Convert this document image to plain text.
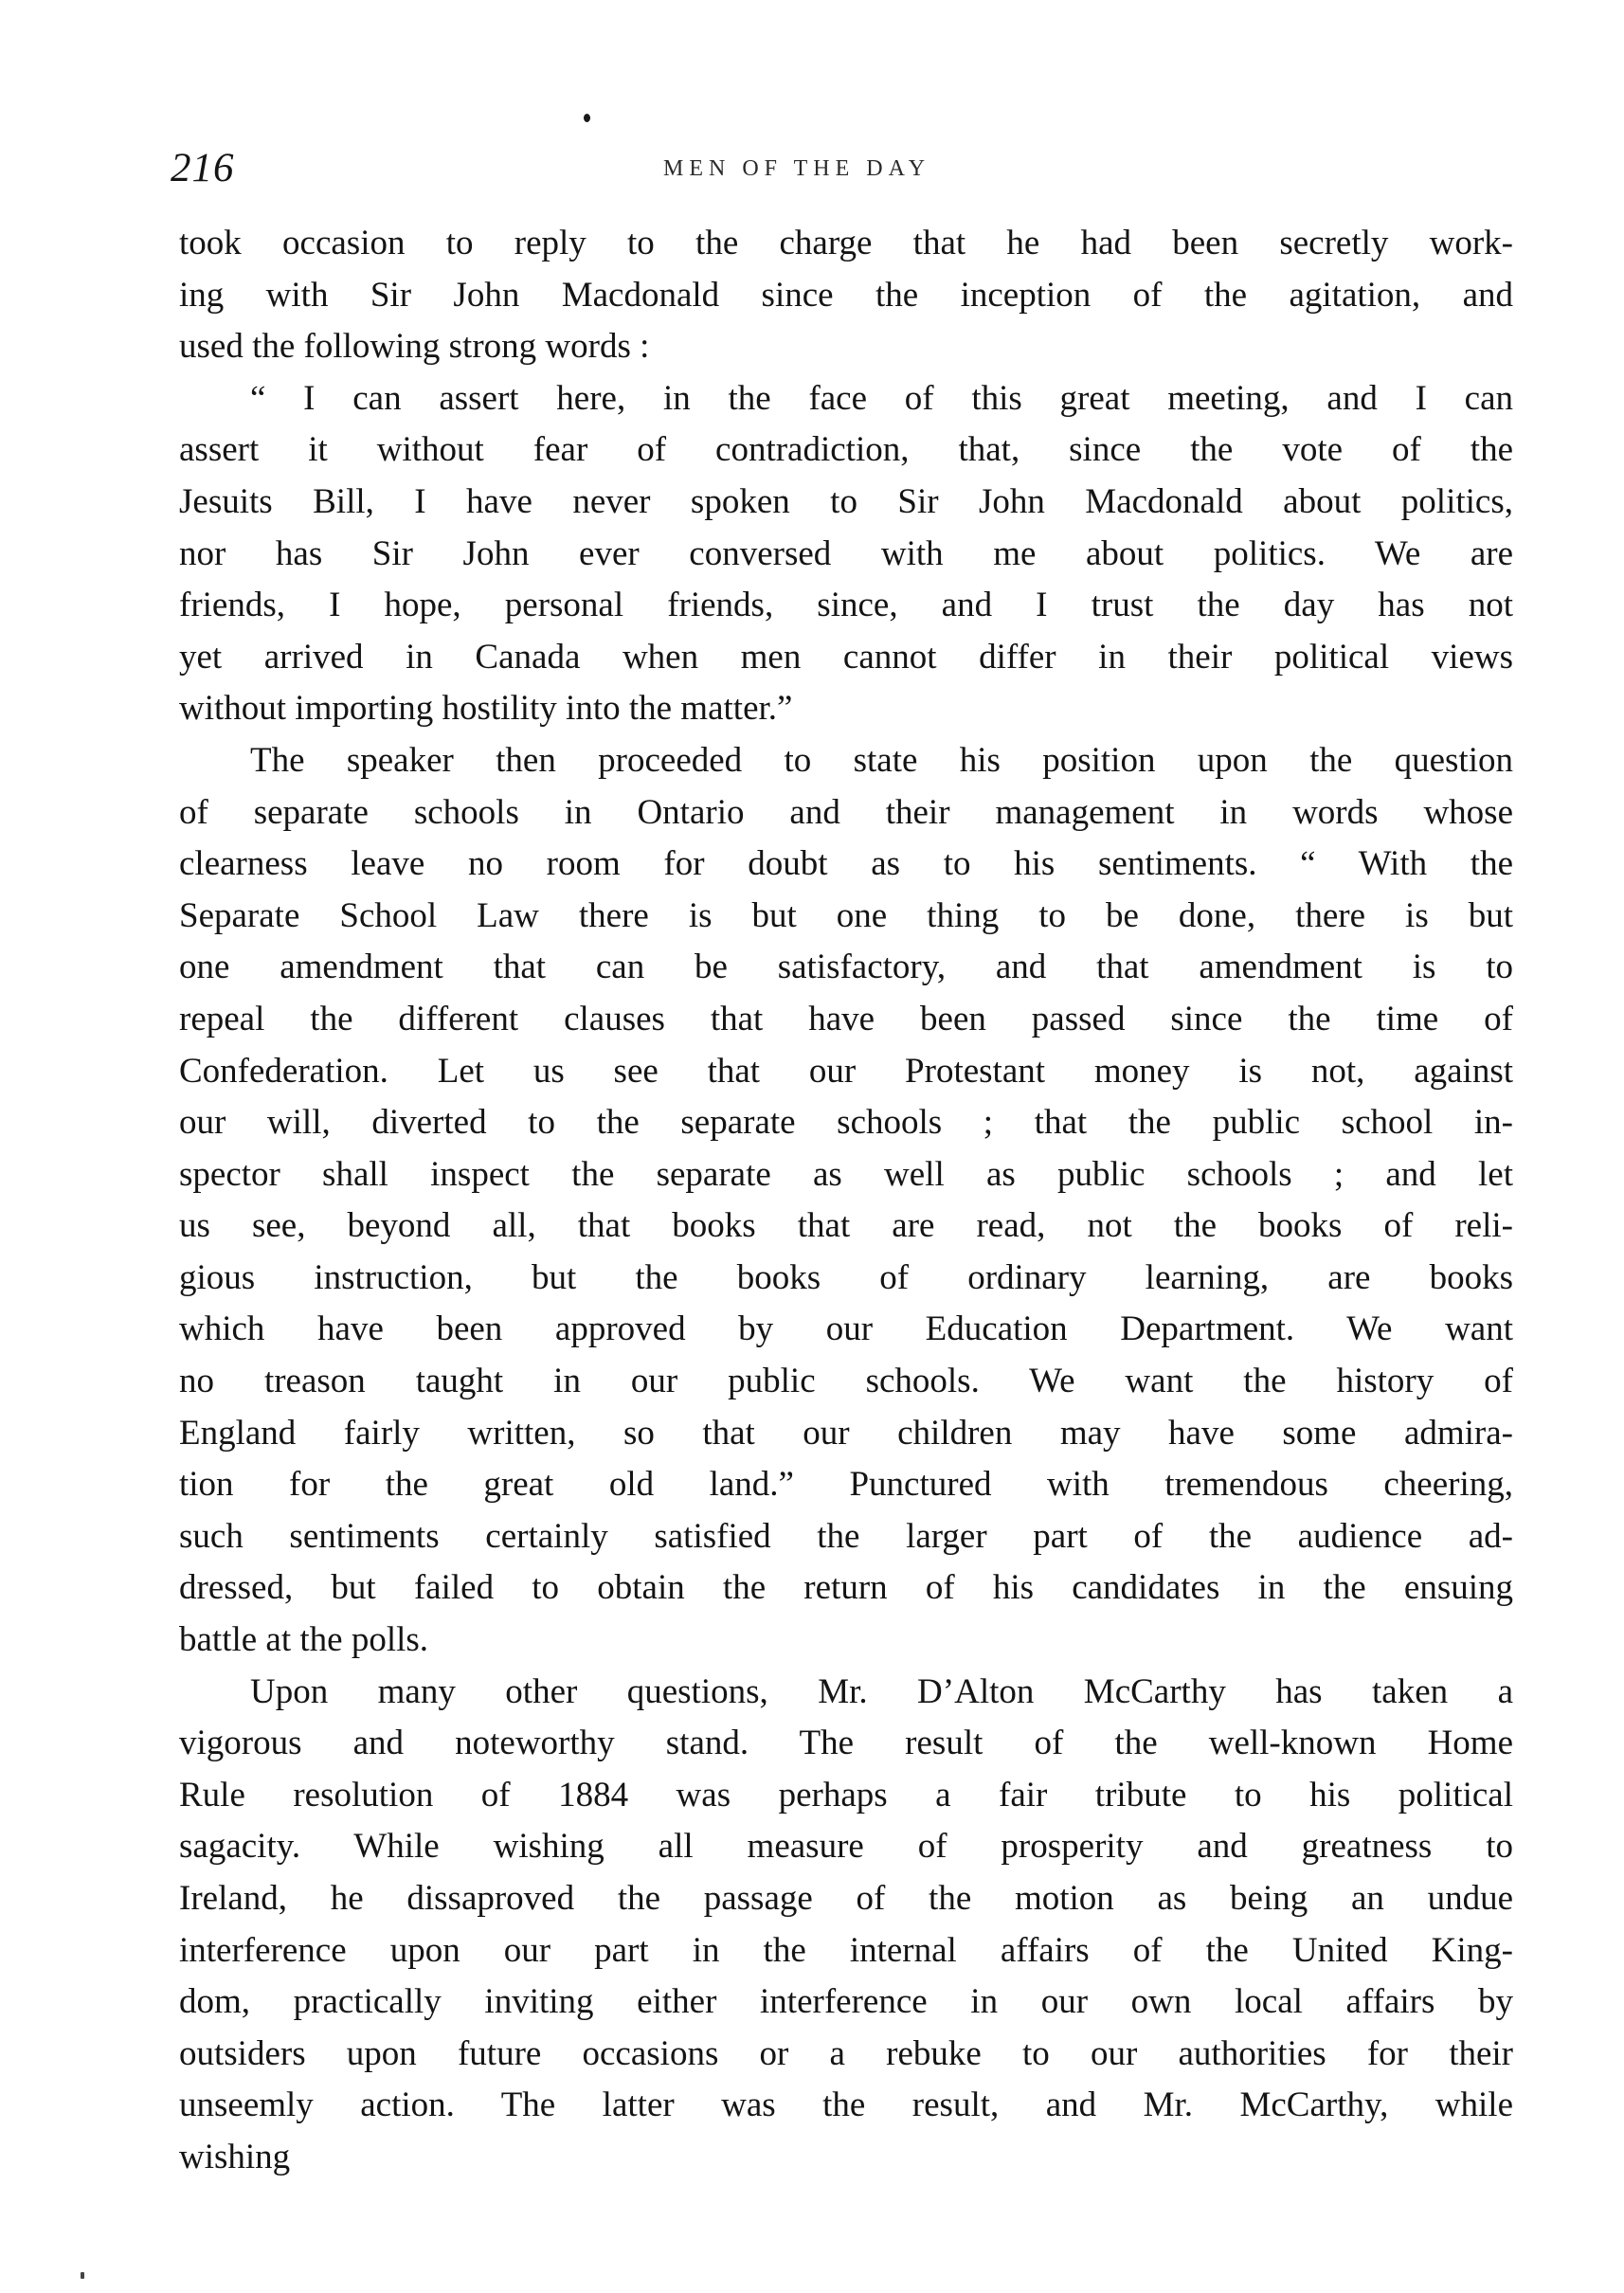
216	MEN OF THE DAY
took occasion to reply to the charge that he had been secretly work-
ing with Sir John Macdonald since the inception of the agitation, and
used the following strong words :
“ I can assert here, in the face of this great meeting, and I can
assert it without fear of contradiction, that, since the vote of the
Jesuits Bill, I have never spoken to Sir John Macdonald about politics,
nor has Sir John ever conversed with me about politics. We are
friends, I hope, personal friends, since, and I trust the day has not
yet arrived in Canada when men cannot differ in their political views
without importing hostility into the matter.”
The speaker then proceeded to state his position upon the question
of separate schools in Ontario and their management in words whose
clearness leave no room for doubt as to his sentiments. “ With the
Separate School Law there is but one thing to be done, there is but
one amendment that can be satisfactory, and that amendment is to
repeal the different clauses that have been passed since the time of
Confederation. Let us see that our Protestant money is not, against
our will, diverted to the separate schools ; that the public school in-
spector shall inspect the separate as well as public schools ; and let
us see, beyond all, that books that are read, not the books of reli-
gious instruction, but the books of ordinary learning, are books
which have been approved by our Education Department. We want
no treason taught in our public schools. We want the history of
England fairly written, so that our children may have some admira-
tion for the great old land.” Punctured with tremendous cheering,
such sentiments certainly satisfied the larger part of the audience ad-
dressed, but failed to obtain the return of his candidates in the ensuing
battle at the polls.
Upon many other questions, Mr. D’Alton McCarthy has taken a
vigorous and noteworthy stand. The result of the well-known Home
Rule resolution of 1884 was perhaps a fair tribute to his political
sagacity. While wishing all measure of prosperity and greatness to
Ireland, he dissaproved the passage of the motion as being an undue
interference upon our part in the internal affairs of the United King-
dom, practically inviting either interference in our own local affairs by
outsiders upon future occasions or a rebuke to our authorities for their
unseemly action. The latter was the result, and Mr. McCarthy, while
wishing
